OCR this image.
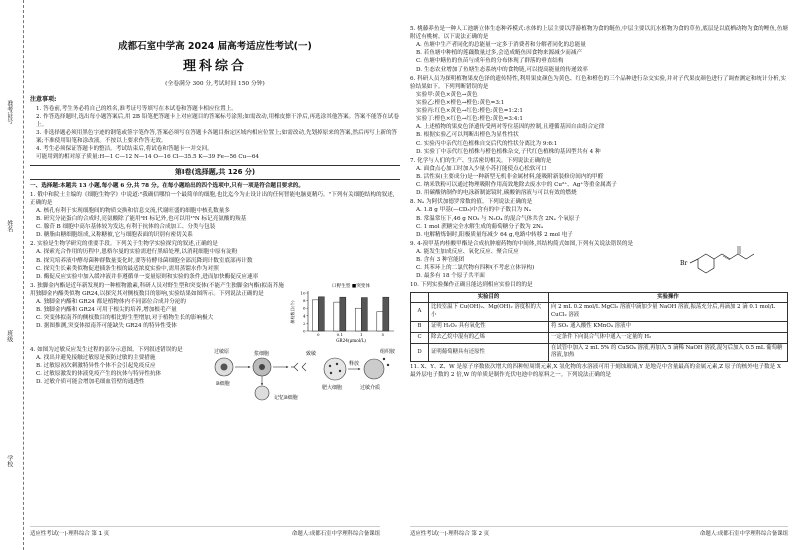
准考证号
姓名
班级
学校
成都石室中学高 2024 届高考适应性考试(一)
理科综合
(全卷满分 300 分,考试时间 150 分钟)
注意事项:

1. 答卷前,考生务必将自己的姓名,准考证号等填写在本试卷和答题卡相应位置上。

2. 作答选择题时,选出每小题答案后,用 2B 铅笔把答题卡上对应题目的答案标号涂黑;如需改动,用橡皮擦干净后,再选涂其他答案。答案不能答在试卷上。

3. 非选择题必须用黑色字迹的钢笔或签字笔作答,答案必须写在答题卡各题目指定区域内相应位置上;如需改动,先划掉原来的答案,然后再写上新的答案;不准使用铅笔和涂改液。不按以上要求作答无效。

4. 考生必须保证答题卡的整洁。考试结束后,将试卷和答题卡一并交回。

可能用到的相对原子质量:H—1 C—12 N—14 O—16 Cl—35.5 K—39 Fe—56 Cu—64

第Ⅰ卷(选择题,共 126 分)

一、选择题:本题共 13 小题,每小题 6 分,共 78 分。在每小题给出的四个选项中,只有一项是符合题目要求的。

1. 俄中和院士主编的《细胞生物学》中说道:"我确信哪怕一个最简单的细胞,也比迄今为止设计出的任何智能电脑更精巧。"下列有关细胞结构的叙述,正确的是

A. 核孔有利于实现细胞间的物质交换和信息交流,代谢旺盛的细胞中核孔数量多

B. 研究分泌蛋白的合成时,亮氨酸除了能用³H 标记外,也可以用¹⁵N 标记亮氨酸的羧基

C. 腺苷 B 细胞中高尔基体较为发达,有利于抗体的合成加工、分类与包装

D. 糖脂由糖细胞组成,又称糖被,它与细胞表面的识别有密切关系

2. 实验是生物学研究的重要手段。下列关于生物学实验探究的叙述,正确的是

A. 探索光合作用的历程中,恩格尔曼的实验需进行黑暗处理,以消耗细胞中原有淀粉

B. 探究培养液中酵母菌种群数量变化时,要等待酵母菌细胞全部沉降到计数室底部再计数

C. 探究生长素类似物促进插条生根的最适浓度实验中,需用蒸馏水作为对照

D. 酶促反应实验中加入缓冲液并非遵循单一变量原则和实验的条件,进而加快酶促反应速率

3. 独脚金内酯是近年新发现的一种植物激素,科研人员对野生型和突变体(不能产生独脚金内酯)拟南芥施用独脚金内酯类似物 GR24,以探究其对侧枝数目的影响,实验结果如图所示。下列说法正确的是

A. 独脚金内酯和 GR24 都是植物体内不同部位合成并分泌的

B. 独脚金内酯和 GR24 可用于根尖的培养,增加根毛产量

C. 突变体拟南芥的侧枝数目的相比野生型增加,对于植物生长的影响极大

D. 据图推测,突变体拟南芥可能缺失 GR24 的特异性受体

0
2
4
6
8
10
0	0.1	1	5
GR24(μmol/L)
侧枝数目(个)
口野生型 ■突变体

4. 如图为过敏反应发生过程的部分示意图。下列叙述错误的是

A. 找出并避免接触过敏原是预防过敏的主要措施

B. 过敏原初次刺激特异性个体不会引起免疫反应

C. 过敏原激发的体液免疫产生的抗体与特异性抗体

D. 过敏介质可能会增加毛细血管壁的通透性

过敏原
B细胞
浆细胞
记忆B细胞
肥大细胞
组织胺
致敏
过敏介质
释放
适应性考试(一)·理科综合 第 1 页	命题人:成都石室中学理科综合备课组

5. 桃藤养鱼是一种人工池塘立体生态种养模式:水体的上层主要以浮游植物为食的鲢鱼,中层主要以沉水植物为食的草鱼,底层是以底栖动物为食的鲤鱼,鱼塘附近有桃树。以下说法正确的是

A. 鱼塘中生产者同化的总能量一定多于消费者和分解者同化的总能量

B. 若鱼塘中种植的莲藕数量过多,会造成鲢鱼因食物来源减少而减产

C. 鱼塘中鳝鱼的鱼苗与成年鱼的分布体现了群落的垂直结构

D. 生态农业增加了鱼塘生态系统中的食物链,可以提高能量的传递效率

6. 科研人员为探明植物果皮色泽的遗传特性,利用果皮颜色为黄色、红色和橙色的三个品种进行杂交实验,并对子代果皮颜色进行了调查测定和统计分析,实验结果如下。下列判断错误的是

实验甲:黄色×黄色→黄色

实验乙:橙色×橙色→橙色:黄色=3:1

实验丙:红色×黄色→红色:橙色:黄色=1:2:1

实验丁:橙色×红色→红色:橙色:黄色=3:4:1

A. 上述植物的果皮色泽遗传受两对等位基因的控制,且遵循基因自由组合定律

B. 根据实验乙可以判断出橙色为显性性状

C. 实验丙中亲代红色植株自交后代的性状分离比为 9:6:1

D. 实验丁中亲代红色植株与橙色植株杂交,子代红色植株的基因型共有 4 种

7. 化学与人们的生产、生活密切相关。下列说法正确的是

A. 面食点心加工时加入少量小苏打能使点心松软可口

B. 活性炭(主要成分)是一种新型无机非金属材料,能吸附新装修房间内的甲醛

C. 纳米铁粉可以通过物理吸附作用高效地除去废水中的 Cu²⁺、Ag⁺等重金属离子

D. 用碳酸钠制作的电泳新制滤镜时,碳酸钠溶液与可以有效的燃烧

8. Nₐ 为阿伏加德罗常数的值。下列说法正确的是

A. 1.8 g 甲基(—CD₃)中含有的中子数目为 Nₐ

B. 常温常压下,46 g NO₂ 与 N₂O₄ 的混合气体共含 2Nₐ 个氧原子

C. 1 mol 蔗糖完全水解生成的葡萄糖分子数为 2Nₐ

D. 电解精炼铜时,阳极质量每减少 64 g,电路中转移 2 mol 电子

9. 4-溴甲基肉桂酸甲酯是合成抗肿瘤药物的中间体,其结构简式如图,下列有关说法错误的是

A. 能发生加成反应、氧化反应、聚合反应

B. 含有 3 种官能团

C. 其苯环上的二氯代物有四种(不考虑立体异构)

D. 最多有 18 个原子共平面

Br

10. 下列实验操作正确且能达到相应实验目的的是

	实验目的	实验操作
A	比较室温下 Cu(OH)₂、Mg(OH)₂ 溶度积的大小	向 2 mL 0.2 mol/L MgCl₂ 溶液中滴加少量 NaOH 溶液,振荡充分后,再滴加 2 滴 0.1 mol/L CuCl₂ 溶液
B	证明 H₂O₂ 具有氧化性	将 SO₂ 通入酸性 KMnO₄ 溶液中
C	除去乙烷中混有的乙烯	一定条件下向混合气体中通入一定量的 H₂
D	证明葡萄糖具有还原性	在试管中加入 2 mL 5% 的 CuSO₄ 溶液,再加入 5 滴稀 NaOH 溶液,混匀后加入 0.5 mL 葡萄糖溶液,加热

11. X、Y、Z、W 是原子序数依次增大的四种短周期元素,X 氢化物的水溶液可用于刻蚀玻璃,Y 是地壳中含量最高的金属元素,Z 原子的核外电子数是 X 最外层电子数的 2 倍,W 的单质是制作光伏电池中的原料之一。下列说法正确的是

适应性考试(一)·理科综合 第 2 页	命题人:成都石室中学理科综合备课组
